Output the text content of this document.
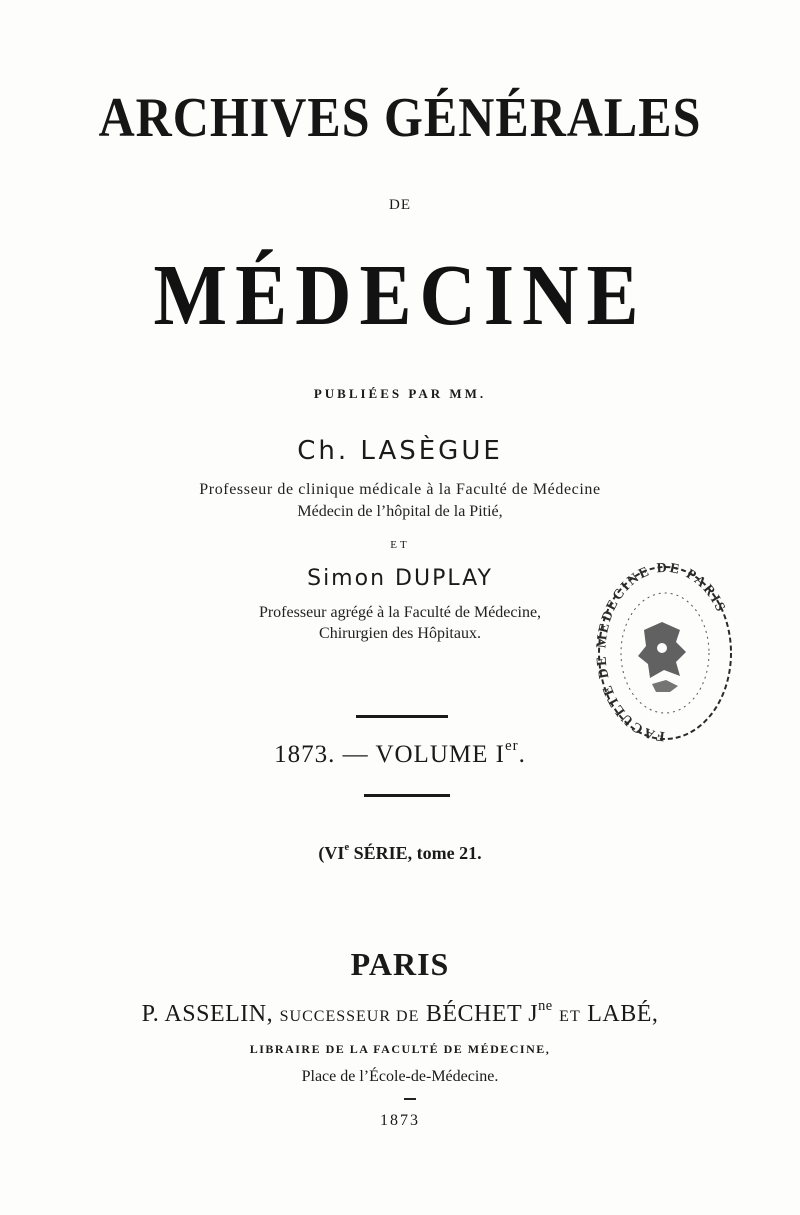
ARCHIVES GÉNÉRALES
DE
MÉDECINE
PUBLIÉES PAR MM.
Ch. LASÈGUE
Professeur de clinique médicale à la Faculté de Médecine
Médecin de l’hôpital de la Pitié,
ET
Simon DUPLAY
Professeur agrégé à la Faculté de Médecine,
Chirurgien des Hôpitaux.
1873. — VOLUME Ier.
(VIe SÉRIE, tome 21.
PARIS
P. ASSELIN, SUCCESSEUR DE BÉCHET $J^{ne}$ ET LABÉ,
LIBRAIRE DE LA FACULTÉ DE MÉDECINE,
Place de l’École-de-Médecine.
1873
FACULTE DE MEDECINE DE PARIS
